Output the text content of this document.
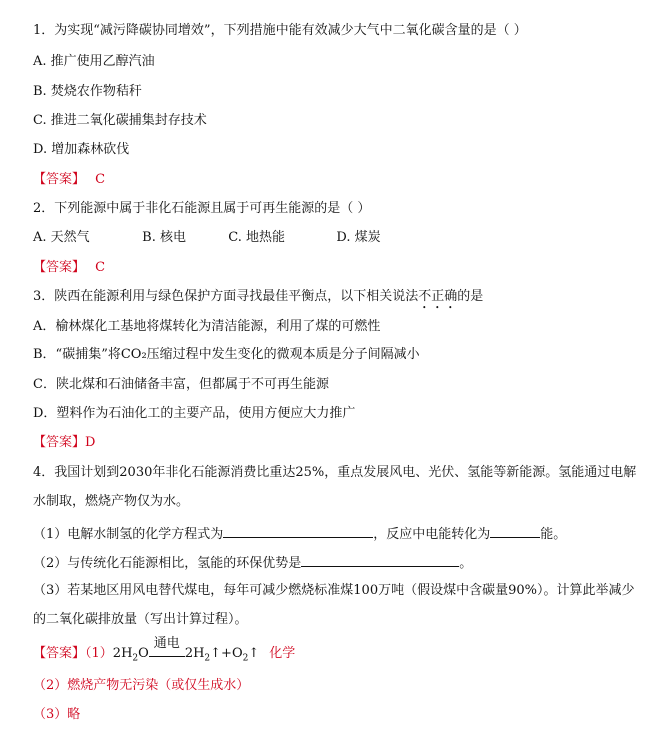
1．为实现“减污降碳协同增效”，下列措施中能有效减少大气中二氧化碳含量的是（ ）
A. 推广使用乙醇汽油
B. 焚烧农作物秸秆
C. 推进二氧化碳捕集封存技术
D. 增加森林砍伐
【答案】 C
2．下列能源中属于非化石能源且属于可再生能源的是（ ）
A. 天然气	B. 核电	C. 地热能	D. 煤炭
【答案】 C
3．陕西在能源利用与绿色保护方面寻找最佳平衡点，以下相关说法不正确的是
A．榆林煤化工基地将煤转化为清洁能源，利用了煤的可燃性
B．“碳捕集”将CO₂压缩过程中发生变化的微观本质是分子间隔减小
C．陕北煤和石油储备丰富，但都属于不可再生能源
D．塑料作为石油化工的主要产品，使用方便应大力推广
【答案】D
4．我国计划到2030年非化石能源消费比重达25%，重点发展风电、光伏、氢能等新能源。氢能通过电解
水制取，燃烧产物仅为水。
（1）电解水制氢的化学方程式为	，反应中电能转化为	能。
（2）与传统化石能源相比，氢能的环保优势是	。
（3）若某地区用风电替代煤电，每年可减少燃烧标准煤100万吨（假设煤中含碳量90%）。计算此举减少
的二氧化碳排放量（写出计算过程）。
【答案】$(1)2H_2O$
通电
$2H_2↑+O_2↑$ 化学
（2）燃烧产物无污染（或仅生成水）
（3）略
